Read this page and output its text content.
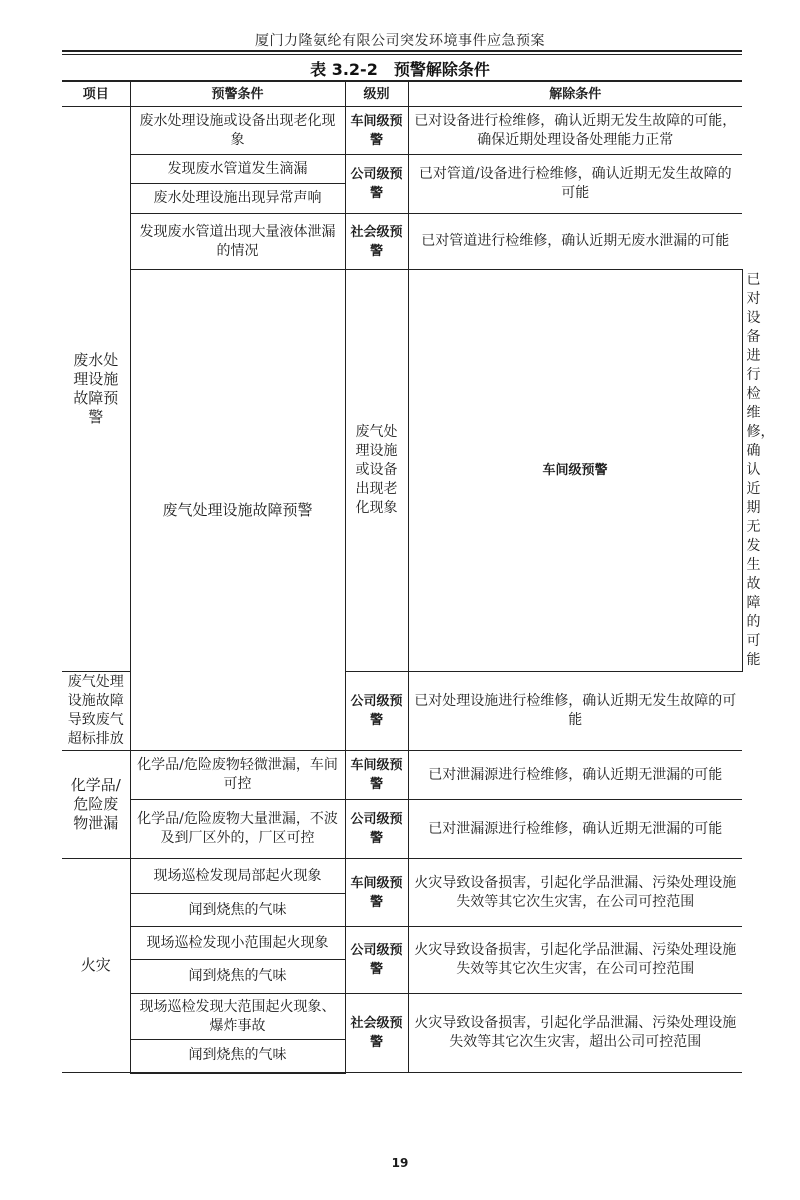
厦门力隆氨纶有限公司突发环境事件应急预案
表 3.2-2　预警解除条件
项目	预警条件	级别	解除条件	
废水处理设施 故障预 警	废水处理设施或设备出现老化现象	车间级预警	已对设备进行检维修，确认近期无发生故障的可能，确保近期处理设备处理能力正常	
	发现废水管道发生滴漏	公司级预警	已对管道/设备进行检维修，确认近期无发生故障的可能	
	废水处理设施出现异常声响			
	发现废水管道出现大量液体泄漏的情况	社会级预警	已对管道进行检维修，确认近期无废水泄漏的可能	
	废气处理设施故障预警	废气处理设施或设备出现老化现象	车间级预警	已对设备进行检维修，确认近期无发生故障的可能
废气处理设施故障导致废气超标排放		公司级预警	已对处理设施进行检维修，确认近期无发生故障的可能	
化学品/危险废物泄漏	化学品/危险废物轻微泄漏，车间可控	车间级预警	已对泄漏源进行检维修，确认近期无泄漏的可能	
	化学品/危险废物大量泄漏，不波及到厂区外的，厂区可控	公司级预警	已对泄漏源进行检维修，确认近期无泄漏的可能	
火灾	现场巡检发现局部起火现象	车间级预警	火灾导致设备损害，引起化学品泄漏、污染处理设施失效等其它次生灾害，在公司可控范围	
	闻到烧焦的气味			
	现场巡检发现小范围起火现象	公司级预警	火灾导致设备损害，引起化学品泄漏、污染处理设施失效等其它次生灾害，在公司可控范围	
	闻到烧焦的气味			
	现场巡检发现大范围起火现象、爆炸事故	社会级预警	火灾导致设备损害，引起化学品泄漏、污染处理设施失效等其它次生灾害，超出公司可控范围	
	闻到烧焦的气味			
19
